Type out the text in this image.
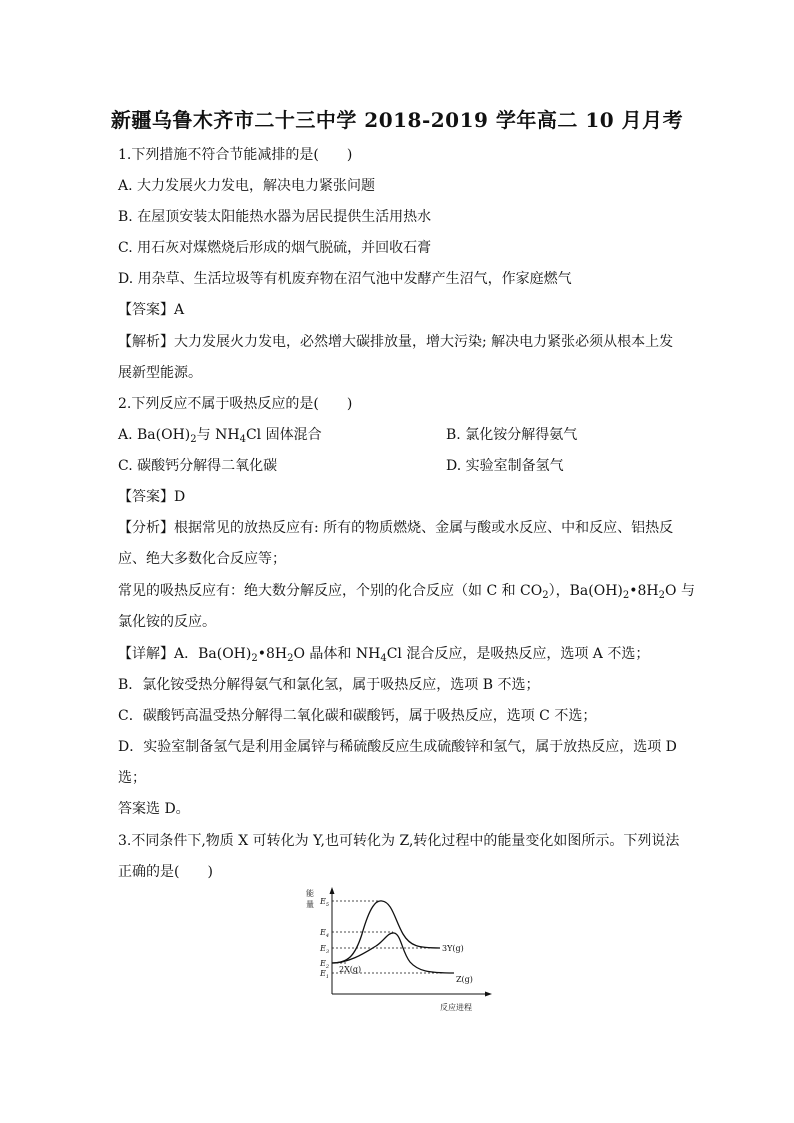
新疆乌鲁木齐市二十三中学 2018-2019 学年高二 10 月月考
1.下列措施不符合节能减排的是(　　)
A. 大力发展火力发电，解决电力紧张问题
B. 在屋顶安装太阳能热水器为居民提供生活用热水
C. 用石灰对煤燃烧后形成的烟气脱硫，并回收石膏
D. 用杂草、生活垃圾等有机废弃物在沼气池中发酵产生沼气，作家庭燃气
【答案】A
【解析】大力发展火力发电，必然增大碳排放量，增大污染; 解决电力紧张必须从根本上发
展新型能源。
2.下列反应不属于吸热反应的是(　　)
A. $Ba(OH)_2$与 $NH_4Cl$ 固体混合	B. 氯化铵分解得氨气
C. 碳酸钙分解得二氧化碳	D. 实验室制备氢气
【答案】D
【分析】根据常见的放热反应有: 所有的物质燃烧、金属与酸或水反应、中和反应、铝热反
应、绝大多数化合反应等；
常见的吸热反应有：绝大数分解反应，个别的化合反应（如 C 和 $CO_2$），$Ba(OH)_2•8H_2O$ 与
氯化铵的反应。
【详解】A．$Ba(OH)_2•8H_2O$ 晶体和 $NH_4Cl$ 混合反应，是吸热反应，选项 A 不选；
B．氯化铵受热分解得氨气和氯化氢，属于吸热反应，选项 B 不选；
C．碳酸钙高温受热分解得二氧化碳和碳酸钙，属于吸热反应，选项 C 不选；
D．实验室制备氢气是利用金属锌与稀硫酸反应生成硫酸锌和氢气，属于放热反应，选项 D
选；
答案选 D。
3.不同条件下,物质 X 可转化为 Y,也可转化为 Z,转化过程中的能量变化如图所示。下列说法
正确的是(　　)
能
量
反应进程
$E_5$
$E_4$
$E_3$
$E_2$
$E_1$
3Y(g)
Z(g)
2X(g)
